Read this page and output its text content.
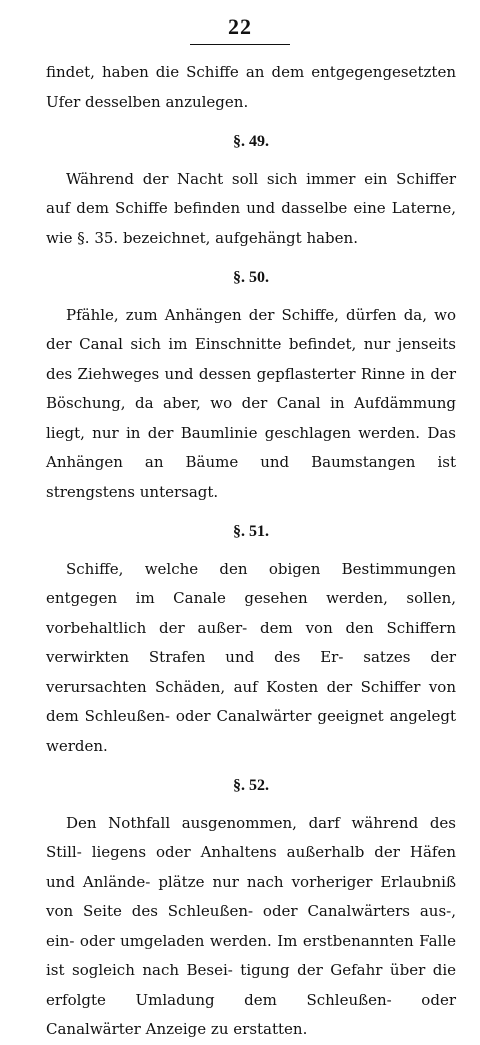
22

findet, haben die Schiffe an dem entgegengesetzten Ufer desselben anzulegen.

§. 49.

Während der Nacht soll sich immer ein Schiffer auf dem Schiffe befinden und dasselbe eine Laterne, wie §. 35. bezeichnet, aufgehängt haben.

§. 50.

Pfähle, zum Anhängen der Schiffe, dürfen da, wo der Canal sich im Einschnitte befindet, nur jenseits des Ziehweges und dessen gepflasterter Rinne in der Böschung, da aber, wo der Canal in Aufdämmung liegt, nur in der Baumlinie geschlagen werden. Das Anhängen an Bäume und Baumstangen ist strengstens untersagt.

§. 51.

Schiffe, welche den obigen Bestimmungen entgegen im Canale gesehen werden, sollen, vorbehaltlich der außer- dem von den Schiffern verwirkten Strafen und des Er- satzes der verursachten Schäden, auf Kosten der Schiffer von dem Schleußen- oder Canalwärter geeignet angelegt werden.

§. 52.

Den Nothfall ausgenommen, darf während des Still- liegens oder Anhaltens außerhalb der Häfen und Anlände- plätze nur nach vorheriger Erlaubniß von Seite des Schleußen- oder Canalwärters aus-, ein- oder umgeladen werden. Im erstbenannten Falle ist sogleich nach Besei- tigung der Gefahr über die erfolgte Umladung dem Schleußen- oder Canalwärter Anzeige zu erstatten.
